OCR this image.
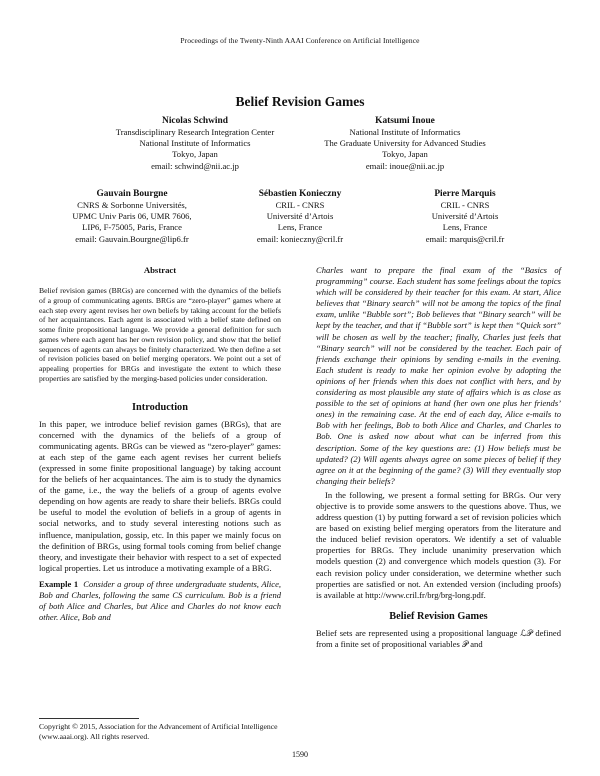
Proceedings of the Twenty-Ninth AAAI Conference on Artificial Intelligence
Belief Revision Games
Nicolas Schwind
Transdisciplinary Research Integration Center
National Institute of Informatics
Tokyo, Japan
email: schwind@nii.ac.jp
Katsumi Inoue
National Institute of Informatics
The Graduate University for Advanced Studies
Tokyo, Japan
email: inoue@nii.ac.jp
Gauvain Bourgne
CNRS & Sorbonne Universités,
UPMC Univ Paris 06, UMR 7606,
LIP6, F-75005, Paris, France
email: Gauvain.Bourgne@lip6.fr
Sébastien Konieczny
CRIL - CNRS
Université d’Artois
Lens, France
email: konieczny@cril.fr
Pierre Marquis
CRIL - CNRS
Université d’Artois
Lens, France
email: marquis@cril.fr
Abstract

Belief revision games (BRGs) are concerned with the dynamics of the beliefs of a group of communicating agents. BRGs are “zero-player” games where at each step every agent revises her own beliefs by taking account for the beliefs of her acquaintances. Each agent is associated with a belief state defined on some finite propositional language. We provide a general definition for such games where each agent has her own revision policy, and show that the belief sequences of agents can always be finitely characterized. We then define a set of revision policies based on belief merging operators. We point out a set of appealing properties for BRGs and investigate the extent to which these properties are satisfied by the merging-based policies under consideration.

Introduction

In this paper, we introduce belief revision games (BRGs), that are concerned with the dynamics of the beliefs of a group of communicating agents. BRGs can be viewed as “zero-player” games: at each step of the game each agent revises her current beliefs (expressed in some finite propositional language) by taking account for the beliefs of her acquaintances. The aim is to study the dynamics of the game, i.e., the way the beliefs of a group of agents evolve depending on how agents are ready to share their beliefs. BRGs could be useful to model the evolution of beliefs in a group of agents in social networks, and to study several interesting notions such as influence, manipulation, gossip, etc. In this paper we mainly focus on the definition of BRGs, using formal tools coming from belief change theory, and investigate their behavior with respect to a set of expected logical properties. Let us introduce a motivating example of a BRG.

Example 1 Consider a group of three undergraduate students, Alice, Bob and Charles, following the same CS curriculum. Bob is a friend of both Alice and Charles, but Alice and Charles do not know each other. Alice, Bob and

Charles want to prepare the final exam of the “Basics of programming” course. Each student has some feelings about the topics which will be considered by their teacher for this exam. At start, Alice believes that “Binary search” will not be among the topics of the final exam, unlike “Bubble sort”; Bob believes that “Binary search” will be kept by the teacher, and that if “Bubble sort” is kept then “Quick sort” will be chosen as well by the teacher; finally, Charles just feels that “Binary search” will not be considered by the teacher. Each pair of friends exchange their opinions by sending e-mails in the evening. Each student is ready to make her opinion evolve by adopting the opinions of her friends when this does not conflict with hers, and by considering as most plausible any state of affairs which is as close as possible to the set of opinions at hand (her own one plus her friends’ ones) in the remaining case. At the end of each day, Alice e-mails to Bob with her feelings, Bob to both Alice and Charles, and Charles to Bob. One is asked now about what can be inferred from this description. Some of the key questions are: (1) How beliefs must be updated? (2) Will agents always agree on some pieces of belief if they agree on it at the beginning of the game? (3) Will they eventually stop changing their beliefs?

In the following, we present a formal setting for BRGs. Our very objective is to provide some answers to the questions above. Thus, we address question (1) by putting forward a set of revision policies which are based on existing belief merging operators from the literature and the induced belief revision operators. We identify a set of valuable properties for BRGs. They include unanimity preservation which models question (2) and convergence which models question (3). For each revision policy under consideration, we determine whether such properties are satisfied or not. An extended version (including proofs) is available at http://www.cril.fr/brg/brg-long.pdf.

Belief Revision Games

Belief sets are represented using a propositional language ℒ𝒫 defined from a finite set of propositional variables 𝒫 and

Copyright © 2015, Association for the Advancement of Artificial Intelligence (www.aaai.org). All rights reserved.
1590
